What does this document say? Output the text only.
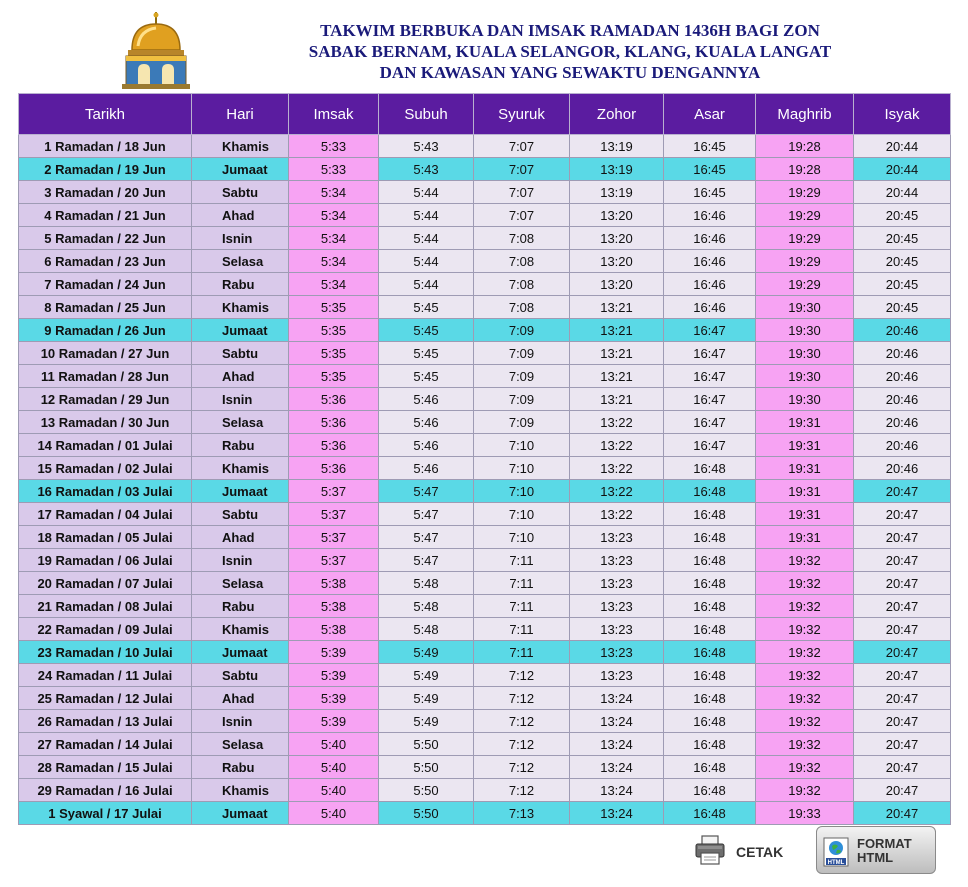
TAKWIM BERBUKA DAN IMSAK RAMADAN 1436H BAGI ZON
SABAK BERNAM, KUALA SELANGOR, KLANG, KUALA LANGAT
DAN KAWASAN YANG SEWAKTU DENGANNYA
Tarikh	Hari	Imsak	Subuh	Syuruk	Zohor	Asar	Maghrib	Isyak
1 Ramadan / 18 Jun	Khamis	5:33	5:43	7:07	13:19	16:45	19:28	20:44
2 Ramadan / 19 Jun	Jumaat	5:33	5:43	7:07	13:19	16:45	19:28	20:44
3 Ramadan / 20 Jun	Sabtu	5:34	5:44	7:07	13:19	16:45	19:29	20:44
4 Ramadan / 21 Jun	Ahad	5:34	5:44	7:07	13:20	16:46	19:29	20:45
5 Ramadan / 22 Jun	Isnin	5:34	5:44	7:08	13:20	16:46	19:29	20:45
6 Ramadan / 23 Jun	Selasa	5:34	5:44	7:08	13:20	16:46	19:29	20:45
7 Ramadan / 24 Jun	Rabu	5:34	5:44	7:08	13:20	16:46	19:29	20:45
8 Ramadan / 25 Jun	Khamis	5:35	5:45	7:08	13:21	16:46	19:30	20:45
9 Ramadan / 26 Jun	Jumaat	5:35	5:45	7:09	13:21	16:47	19:30	20:46
10 Ramadan / 27 Jun	Sabtu	5:35	5:45	7:09	13:21	16:47	19:30	20:46
11 Ramadan / 28 Jun	Ahad	5:35	5:45	7:09	13:21	16:47	19:30	20:46
12 Ramadan / 29 Jun	Isnin	5:36	5:46	7:09	13:21	16:47	19:30	20:46
13 Ramadan / 30 Jun	Selasa	5:36	5:46	7:09	13:22	16:47	19:31	20:46
14 Ramadan / 01 Julai	Rabu	5:36	5:46	7:10	13:22	16:47	19:31	20:46
15 Ramadan / 02 Julai	Khamis	5:36	5:46	7:10	13:22	16:48	19:31	20:46
16 Ramadan / 03 Julai	Jumaat	5:37	5:47	7:10	13:22	16:48	19:31	20:47
17 Ramadan / 04 Julai	Sabtu	5:37	5:47	7:10	13:22	16:48	19:31	20:47
18 Ramadan / 05 Julai	Ahad	5:37	5:47	7:10	13:23	16:48	19:31	20:47
19 Ramadan / 06 Julai	Isnin	5:37	5:47	7:11	13:23	16:48	19:32	20:47
20 Ramadan / 07 Julai	Selasa	5:38	5:48	7:11	13:23	16:48	19:32	20:47
21 Ramadan / 08 Julai	Rabu	5:38	5:48	7:11	13:23	16:48	19:32	20:47
22 Ramadan / 09 Julai	Khamis	5:38	5:48	7:11	13:23	16:48	19:32	20:47
23 Ramadan / 10 Julai	Jumaat	5:39	5:49	7:11	13:23	16:48	19:32	20:47
24 Ramadan / 11 Julai	Sabtu	5:39	5:49	7:12	13:23	16:48	19:32	20:47
25 Ramadan / 12 Julai	Ahad	5:39	5:49	7:12	13:24	16:48	19:32	20:47
26 Ramadan / 13 Julai	Isnin	5:39	5:49	7:12	13:24	16:48	19:32	20:47
27 Ramadan / 14 Julai	Selasa	5:40	5:50	7:12	13:24	16:48	19:32	20:47
28 Ramadan / 15 Julai	Rabu	5:40	5:50	7:12	13:24	16:48	19:32	20:47
29 Ramadan / 16 Julai	Khamis	5:40	5:50	7:12	13:24	16:48	19:32	20:47
1 Syawal / 17 Julai	Jumaat	5:40	5:50	7:13	13:24	16:48	19:33	20:47
CETAK
HTML
FORMAT
HTML
